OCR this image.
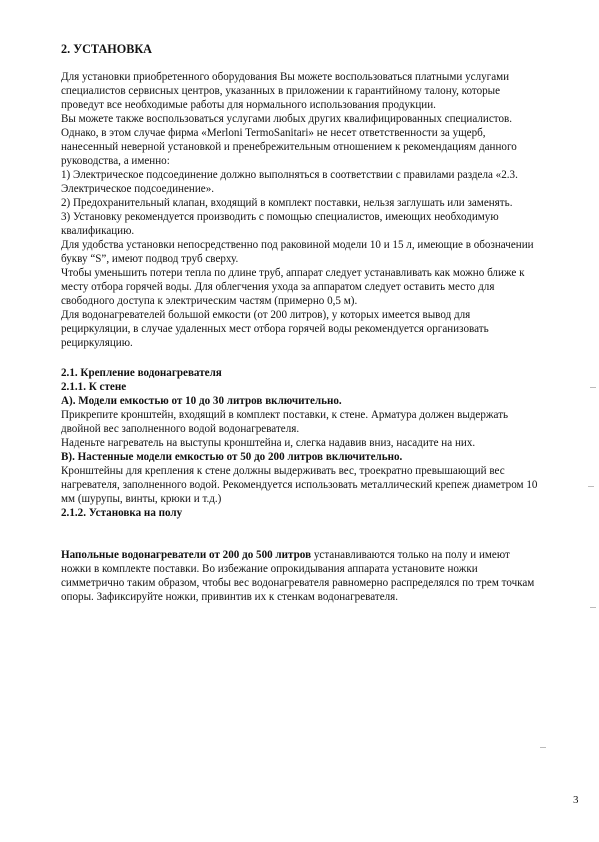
2. УСТАНОВКА
Для установки приобретенного оборудования Вы можете воспользоваться платными услугами
специалистов сервисных центров, указанных в приложении к гарантийному талону, которые
проведут все необходимые работы для нормального использования продукции.
Вы можете также воспользоваться услугами любых других квалифицированных специалистов.
Однако, в этом случае фирма «Merloni TermoSanitari» не несет ответственности за ущерб,
нанесенный неверной установкой и пренебрежительным отношением к рекомендациям данного
руководства, а именно:
1) Электрическое подсоединение должно выполняться в соответствии с правилами раздела «2.3.
Электрическое подсоединение».
2) Предохранительный клапан, входящий в комплект поставки, нельзя заглушать или заменять.
3) Установку рекомендуется производить с помощью специалистов, имеющих необходимую
квалификацию.
Для удобства установки непосредственно под раковиной модели 10 и 15 л, имеющие в обозначении
букву “S”, имеют подвод труб сверху.
Чтобы уменьшить потери тепла по длине труб, аппарат следует устанавливать как можно ближе к
месту отбора горячей воды. Для облегчения ухода за аппаратом следует оставить место для
свободного доступа к электрическим частям (примерно 0,5 м).
Для водонагревателей большой емкости (от 200 литров), у которых имеется вывод для
рециркуляции, в случае удаленных мест отбора горячей воды рекомендуется организовать
рециркуляцию.
2.1. Крепление водонагревателя
2.1.1. К стене
А). Модели емкостью от 10 до 30 литров включительно.
Прикрепите кронштейн, входящий в комплект поставки, к стене. Арматура должен выдержать
двойной вес заполненного водой водонагревателя.
Наденьте нагреватель на выступы кронштейна и, слегка надавив вниз, насадите на них.
В). Настенные модели емкостью от 50 до 200 литров включительно.
Кронштейны для крепления к стене должны выдерживать вес, троекратно превышающий вес
нагревателя, заполненного водой. Рекомендуется использовать металлический крепеж диаметром 10
мм (шурупы, винты, крюки и т.д.)
2.1.2. Установка на полу
Напольные водонагреватели от 200 до 500 литров устанавливаются только на полу и имеют
ножки в комплекте поставки. Во избежание опрокидывания аппарата установите ножки
симметрично таким образом, чтобы вес водонагревателя равномерно распределялся по трем точкам
опоры. Зафиксируйте ножки, привинтив их к стенкам водонагревателя.
3
